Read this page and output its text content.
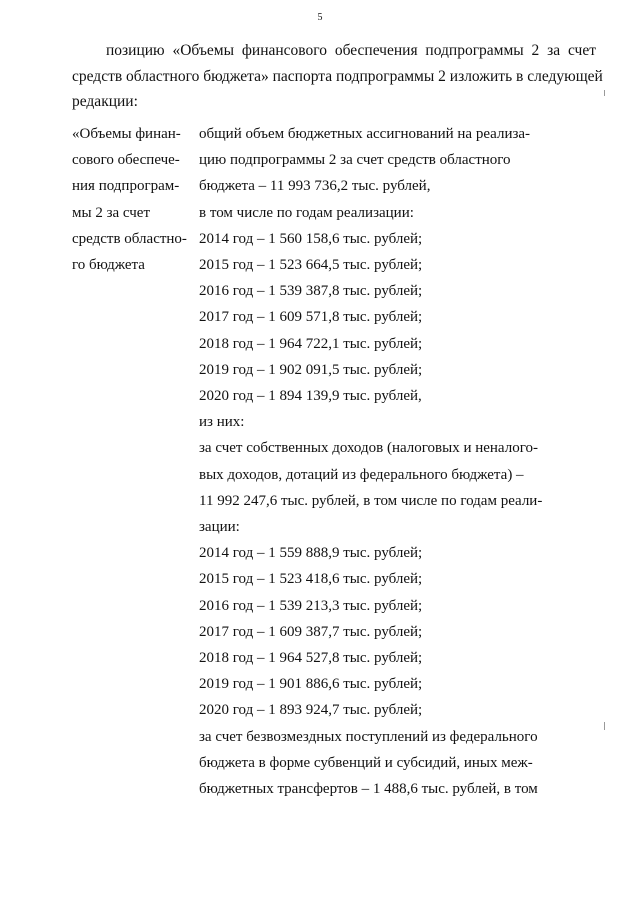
5
позицию «Объемы финансового обеспечения подпрограммы 2 за счет
средств областного бюджета» паспорта подпрограммы 2 изложить в следующей
редакции:
«Объемы финан-
сового обеспече-
ния подпрограм-
мы 2 за счет
средств областно-
го бюджета
общий объем бюджетных ассигнований на реализа-
цию подпрограммы 2 за счет средств областного
бюджета – 11 993 736,2 тыс. рублей,
в том числе по годам реализации:
2014 год – 1 560 158,6 тыс. рублей;
2015 год – 1 523 664,5 тыс. рублей;
2016 год – 1 539 387,8 тыс. рублей;
2017 год – 1 609 571,8 тыс. рублей;
2018 год – 1 964 722,1 тыс. рублей;
2019 год – 1 902 091,5 тыс. рублей;
2020 год – 1 894 139,9 тыс. рублей,
из них:
за счет собственных доходов (налоговых и неналого-
вых доходов, дотаций из федерального бюджета) –
11 992 247,6 тыс. рублей, в том числе по годам реали-
зации:
2014 год – 1 559 888,9 тыс. рублей;
2015 год – 1 523 418,6 тыс. рублей;
2016 год – 1 539 213,3 тыс. рублей;
2017 год – 1 609 387,7 тыс. рублей;
2018 год – 1 964 527,8 тыс. рублей;
2019 год – 1 901 886,6 тыс. рублей;
2020 год – 1 893 924,7 тыс. рублей;
за счет безвозмездных поступлений из федерального
бюджета в форме субвенций и субсидий, иных меж-
бюджетных трансфертов – 1 488,6 тыс. рублей, в том
